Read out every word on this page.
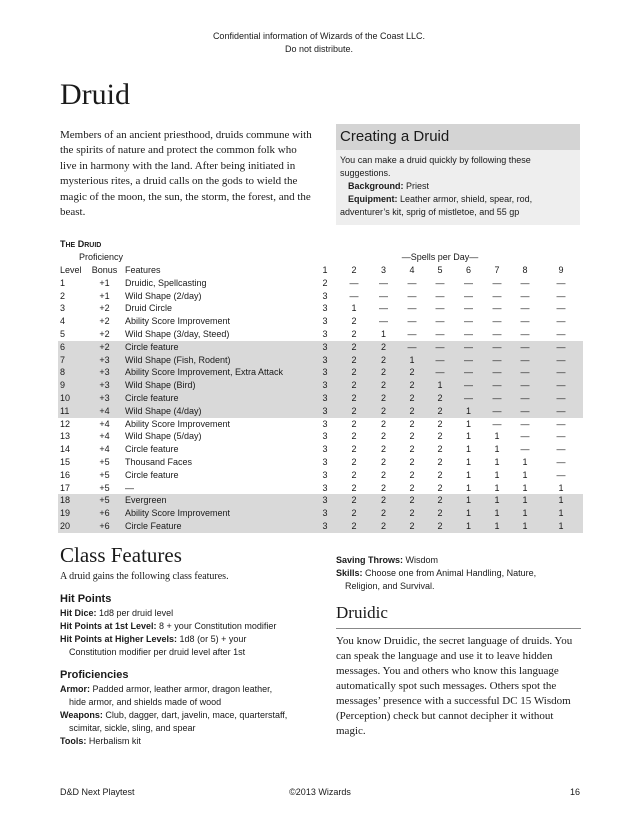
Confidential information of Wizards of the Coast LLC.
Do not distribute.
Druid
Members of an ancient priesthood, druids commune with the spirits of nature and protect the common folk who live in harmony with the land. After being initiated in mysterious rites, a druid calls on the gods to wield the magic of the moon, the sun, the storm, the forest, and the beast.
Creating a Druid

You can make a druid quickly by following these suggestions.

Background: Priest

Equipment: Leather armor, shield, spear, rod,

adventurer’s kit, sprig of mistletoe, and 55 gp

THE DRUID
Proficiency	—Spells per Day—
Level	Bonus	Features	1	2	3	4	5	6	7	8	9
1	+1	Druidic, Spellcasting	2	—	—	—	—	—	—	—	—
2	+1	Wild Shape (2/day)	3	—	—	—	—	—	—	—	—
3	+2	Druid Circle	3	1	—	—	—	—	—	—	—
4	+2	Ability Score Improvement	3	2	—	—	—	—	—	—	—
5	+2	Wild Shape (3/day, Steed)	3	2	1	—	—	—	—	—	—
6	+2	Circle feature	3	2	2	—	—	—	—	—	—
7	+3	Wild Shape (Fish, Rodent)	3	2	2	1	—	—	—	—	—
8	+3	Ability Score Improvement, Extra Attack	3	2	2	2	—	—	—	—	—
9	+3	Wild Shape (Bird)	3	2	2	2	1	—	—	—	—
10	+3	Circle feature	3	2	2	2	2	—	—	—	—
11	+4	Wild Shape (4/day)	3	2	2	2	2	1	—	—	—
12	+4	Ability Score Improvement	3	2	2	2	2	1	—	—	—
13	+4	Wild Shape (5/day)	3	2	2	2	2	1	1	—	—
14	+4	Circle feature	3	2	2	2	2	1	1	—	—
15	+5	Thousand Faces	3	2	2	2	2	1	1	1	—
16	+5	Circle feature	3	2	2	2	2	1	1	1	—
17	+5	—	3	2	2	2	2	1	1	1	1
18	+5	Evergreen	3	2	2	2	2	1	1	1	1
19	+6	Ability Score Improvement	3	2	2	2	2	1	1	1	1
20	+6	Circle Feature	3	2	2	2	2	1	1	1	1
Class Features
A druid gains the following class features.
Hit Points

Hit Dice: 1d8 per druid level

Hit Points at 1st Level: 8 + your Constitution modifier

Hit Points at Higher Levels: 1d8 (or 5) + your

Constitution modifier per druid level after 1st

Proficiencies

Armor: Padded armor, leather armor, dragon leather,

hide armor, and shields made of wood

Weapons: Club, dagger, dart, javelin, mace, quarterstaff,

scimitar, sickle, sling, and spear

Tools: Herbalism kit

Saving Throws: Wisdom

Skills: Choose one from Animal Handling, Nature,

Religion, and Survival.

Druidic
You know Druidic, the secret language of druids. You can speak the language and use it to leave hidden messages. You and others who know this language automatically spot such messages. Others spot the messages’ presence with a successful DC 15 Wisdom (Perception) check but cannot decipher it without magic.
D&D Next Playtest	©2013 Wizards	16
